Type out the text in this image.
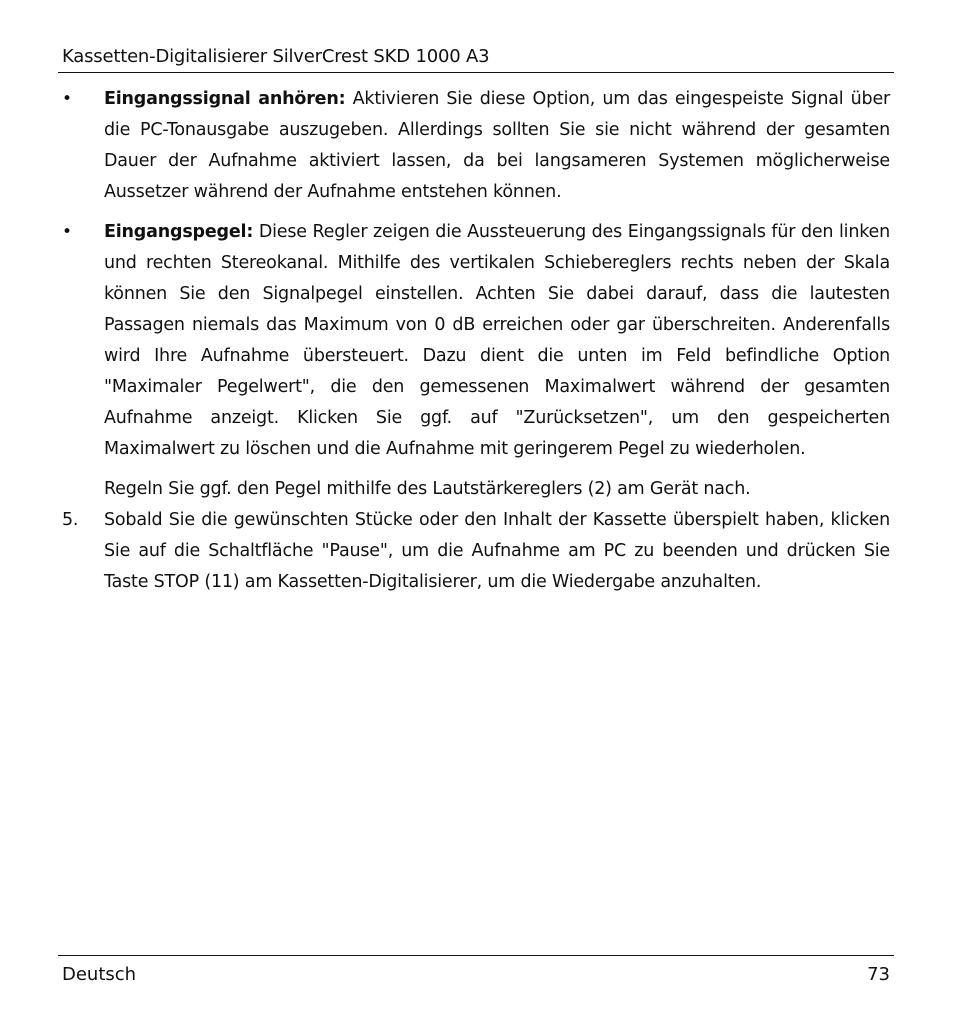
Kassetten-Digitalisierer SilverCrest SKD 1000 A3
•	Eingangssignal anhören: Aktivieren Sie diese Option, um das eingespeiste Signal über die PC-Tonausgabe auszugeben. Allerdings sollten Sie sie nicht während der gesamten Dauer der Aufnahme aktiviert lassen, da bei langsameren Systemen möglicherweise Aussetzer während der Aufnahme entstehen können.
•	Eingangspegel: Diese Regler zeigen die Aussteuerung des Eingangssignals für den linken und rechten Stereokanal. Mithilfe des vertikalen Schiebereglers rechts neben der Skala können Sie den Signalpegel einstellen. Achten Sie dabei darauf, dass die lautesten Passagen niemals das Maximum von 0 dB erreichen oder gar überschreiten. Anderenfalls wird Ihre Aufnahme übersteuert. Dazu dient die unten im Feld befindliche Option "Maximaler Pegelwert", die den gemessenen Maximalwert während der gesamten Aufnahme anzeigt. Klicken Sie ggf. auf "Zurücksetzen", um den gespeicherten Maximalwert zu löschen und die Aufnahme mit geringerem Pegel zu wiederholen.
Regeln Sie ggf. den Pegel mithilfe des Lautstärkereglers (2) am Gerät nach.
5.	Sobald Sie die gewünschten Stücke oder den Inhalt der Kassette überspielt haben, klicken Sie auf die Schaltfläche "Pause", um die Aufnahme am PC zu beenden und drücken Sie Taste STOP (11) am Kassetten-Digitalisierer, um die Wiedergabe anzuhalten.
Deutsch	73
